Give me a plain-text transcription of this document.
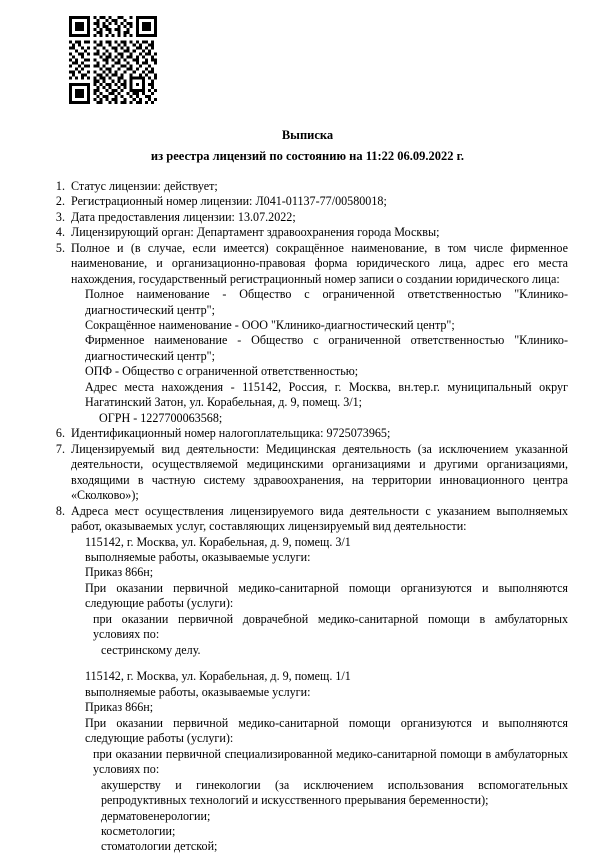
Выписка
из реестра лицензий по состоянию на 11:22 06.09.2022 г.
1. Статус лицензии: действует;
2. Регистрационный номер лицензии: Л041-01137-77/00580018;
3. Дата предоставления лицензии: 13.07.2022;
4. Лицензирующий орган: Департамент здравоохранения города Москвы;
5. Полное и (в случае, если имеется) сокращённое наименование, в том числе фирменное наименование, и организационно-правовая форма юридического лица, адрес его места нахождения, государственный регистрационный номер записи о создании юридического лица:
Полное наименование - Общество с ограниченной ответственностью "Клинико-диагностический центр";
Сокращённое наименование - ООО "Клинико-диагностический центр";
Фирменное наименование - Общество с ограниченной ответственностью "Клинико-диагностический центр";
ОПФ - Общество с ограниченной ответственностью;
Адрес места нахождения - 115142, Россия, г. Москва, вн.тер.г. муниципальный округ Нагатинский Затон, ул. Корабельная, д. 9, помещ. 3/1;
ОГРН - 1227700063568;
6. Идентификационный номер налогоплательщика: 9725073965;
7. Лицензируемый вид деятельности: Медицинская деятельность (за исключением указанной деятельности, осуществляемой медицинскими организациями и другими организациями, входящими в частную систему здравоохранения, на территории инновационного центра «Сколково»);
8. Адреса мест осуществления лицензируемого вида деятельности с указанием выполняемых работ, оказываемых услуг, составляющих лицензируемый вид деятельности:
115142, г. Москва, ул. Корабельная, д. 9, помещ. 3/1
выполняемые работы, оказываемые услуги:
Приказ 866н;
При оказании первичной медико-санитарной помощи организуются и выполняются следующие работы (услуги):
при оказании первичной доврачебной медико-санитарной помощи в амбулаторных условиях по:
сестринскому делу.
115142, г. Москва, ул. Корабельная, д. 9, помещ. 1/1
выполняемые работы, оказываемые услуги:
Приказ 866н;
При оказании первичной медико-санитарной помощи организуются и выполняются следующие работы (услуги):
при оказании первичной специализированной медико-санитарной помощи в амбулаторных условиях по:
акушерству и гинекологии (за исключением использования вспомогательных репродуктивных технологий и искусственного прерывания беременности);
дерматовенерологии;
косметологии;
стоматологии детской;
